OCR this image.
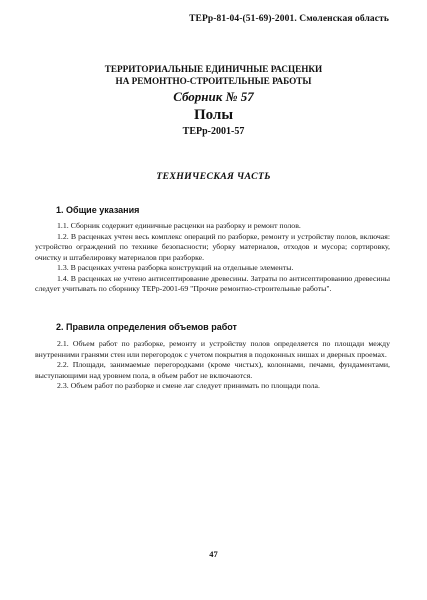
ТЕРр-81-04-(51-69)-2001. Смоленская область
ТЕРРИТОРИАЛЬНЫЕ ЕДИНИЧНЫЕ РАСЦЕНКИ
НА РЕМОНТНО-СТРОИТЕЛЬНЫЕ РАБОТЫ
Сборник № 57
Полы
ТЕРр-2001-57
ТЕХНИЧЕСКАЯ ЧАСТЬ
1. Общие указания

1.1. Сборник содержит единичные расценки на разборку и ремонт полов.

1.2. В расценках учтен весь комплекс операций по разборке, ремонту и устройству полов, включая: устройство ограждений по технике безопасности; уборку материалов, отходов и мусора; сортировку, очистку и штабелировку материалов при разборке.

1.3. В расценках учтена разборка конструкций на отдельные элементы.

1.4. В расценках не учтено антисептирование древесины. Затраты по антисептированию древесины следует учитывать по сборнику ТЕРр-2001-69 "Прочие ремонтно-строительные работы".

2. Правила определения объемов работ

2.1. Объем работ по разборке, ремонту и устройству полов определяется по площади между внутренними гранями стен или перегородок с учетом покрытия в подоконных нишах и дверных проемах.

2.2. Площади, занимаемые перегородками (кроме чистых), колоннами, печами, фундаментами, выступающими над уровнем пола, в объем работ не включаются.

2.3. Объем работ по разборке и смене лаг следует принимать по площади пола.

47
